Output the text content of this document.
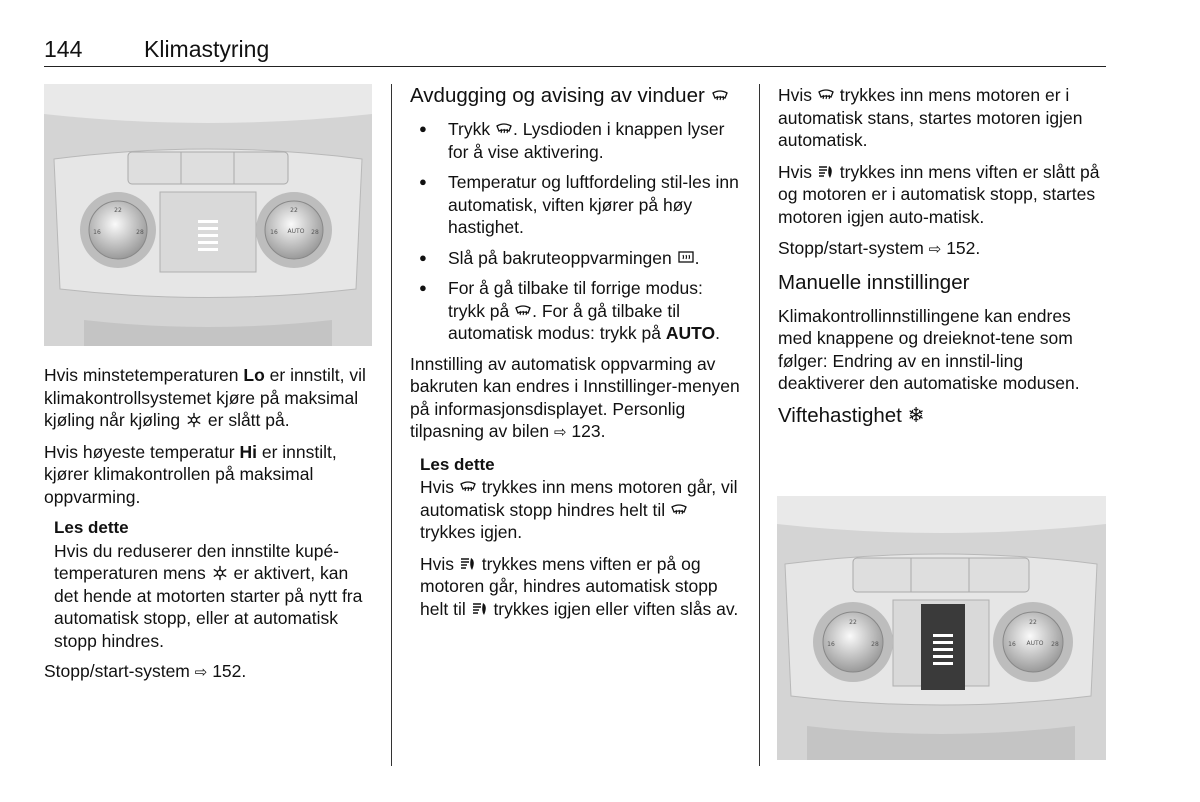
144	Klimastyring
22
16	28
22
16	28
AUTO
22
16	28
22
16	28
AUTO

Hvis minstetemperaturen Lo er innstilt, vil klimakontrollsystemet kjøre på maksimal kjøling når kjøling  er slått på.

Hvis høyeste temperatur Hi er innstilt, kjører klimakontrollen på maksimal oppvarming.

Les dette
Hvis du reduserer den innstilte kupé-temperaturen mens  er aktivert, kan det hende at motorten starter på nytt fra automatisk stopp, eller at automatisk stopp hindres.

Stopp/start-system ⇨ 152.

Avdugging og avising av vinduer
● Trykk . Lysdioden i knappen lyser for å vise aktivering.
● Temperatur og luftfordeling stil-les inn automatisk, viften kjører på høy hastighet.
● Slå på bakruteoppvarmingen .
● For å gå tilbake til forrige modus: trykk på . For å gå tilbake til automatisk modus: trykk på AUTO.

Innstilling av automatisk oppvarming av bakruten kan endres i Innstillinger-menyen på informasjonsdisplayet. Personlig tilpasning av bilen ⇨ 123.

Les dette

Hvis  trykkes inn mens motoren går, vil automatisk stopp hindres helt til  trykkes igjen.

Hvis  trykkes mens viften er på og motoren går, hindres automatisk stopp helt til  trykkes igjen eller viften slås av.

Hvis  trykkes inn mens motoren er i automatisk stans, startes motoren igjen automatisk.

Hvis  trykkes inn mens viften er slått på og motoren er i automatisk stopp, startes motoren igjen auto-matisk.

Stopp/start-system ⇨ 152.

Manuelle innstillinger

Klimakontrollinnstillingene kan endres med knappene og dreieknot-tene som følger: Endring av en innstil-ling deaktiverer den automatiske modusen.

Viftehastighet ❄
